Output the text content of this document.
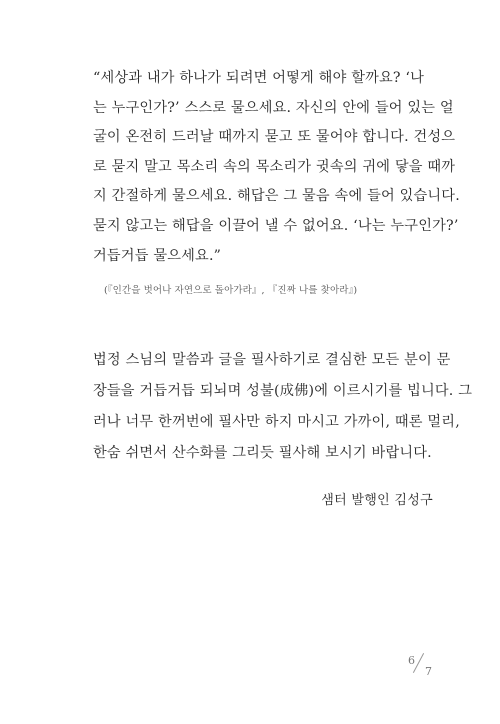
“세상과 내가 하나가 되려면 어떻게 해야 할까요? ‘나
는 누구인가?’ 스스로 물으세요. 자신의 안에 들어 있는 얼
굴이 온전히 드러날 때까지 묻고 또 물어야 합니다. 건성으
로 묻지 말고 목소리 속의 목소리가 귓속의 귀에 닿을 때까
지 간절하게 물으세요. 해답은 그 물음 속에 들어 있습니다.
묻지 않고는 해답을 이끌어 낼 수 없어요. ‘나는 누구인가?’
거듭거듭 물으세요.”
(『인간을 벗어나 자연으로 돌아가라』, 『진짜 나를 찾아라』)
법정 스님의 말씀과 글을 필사하기로 결심한 모든 분이 문
장들을 거듭거듭 되뇌며 성불(成佛)에 이르시기를 빕니다. 그
러나 너무 한꺼번에 필사만 하지 마시고 가까이, 때론 멀리,
한숨 쉬면서 산수화를 그리듯 필사해 보시기 바랍니다.
샘터 발행인 김성구
6
7
